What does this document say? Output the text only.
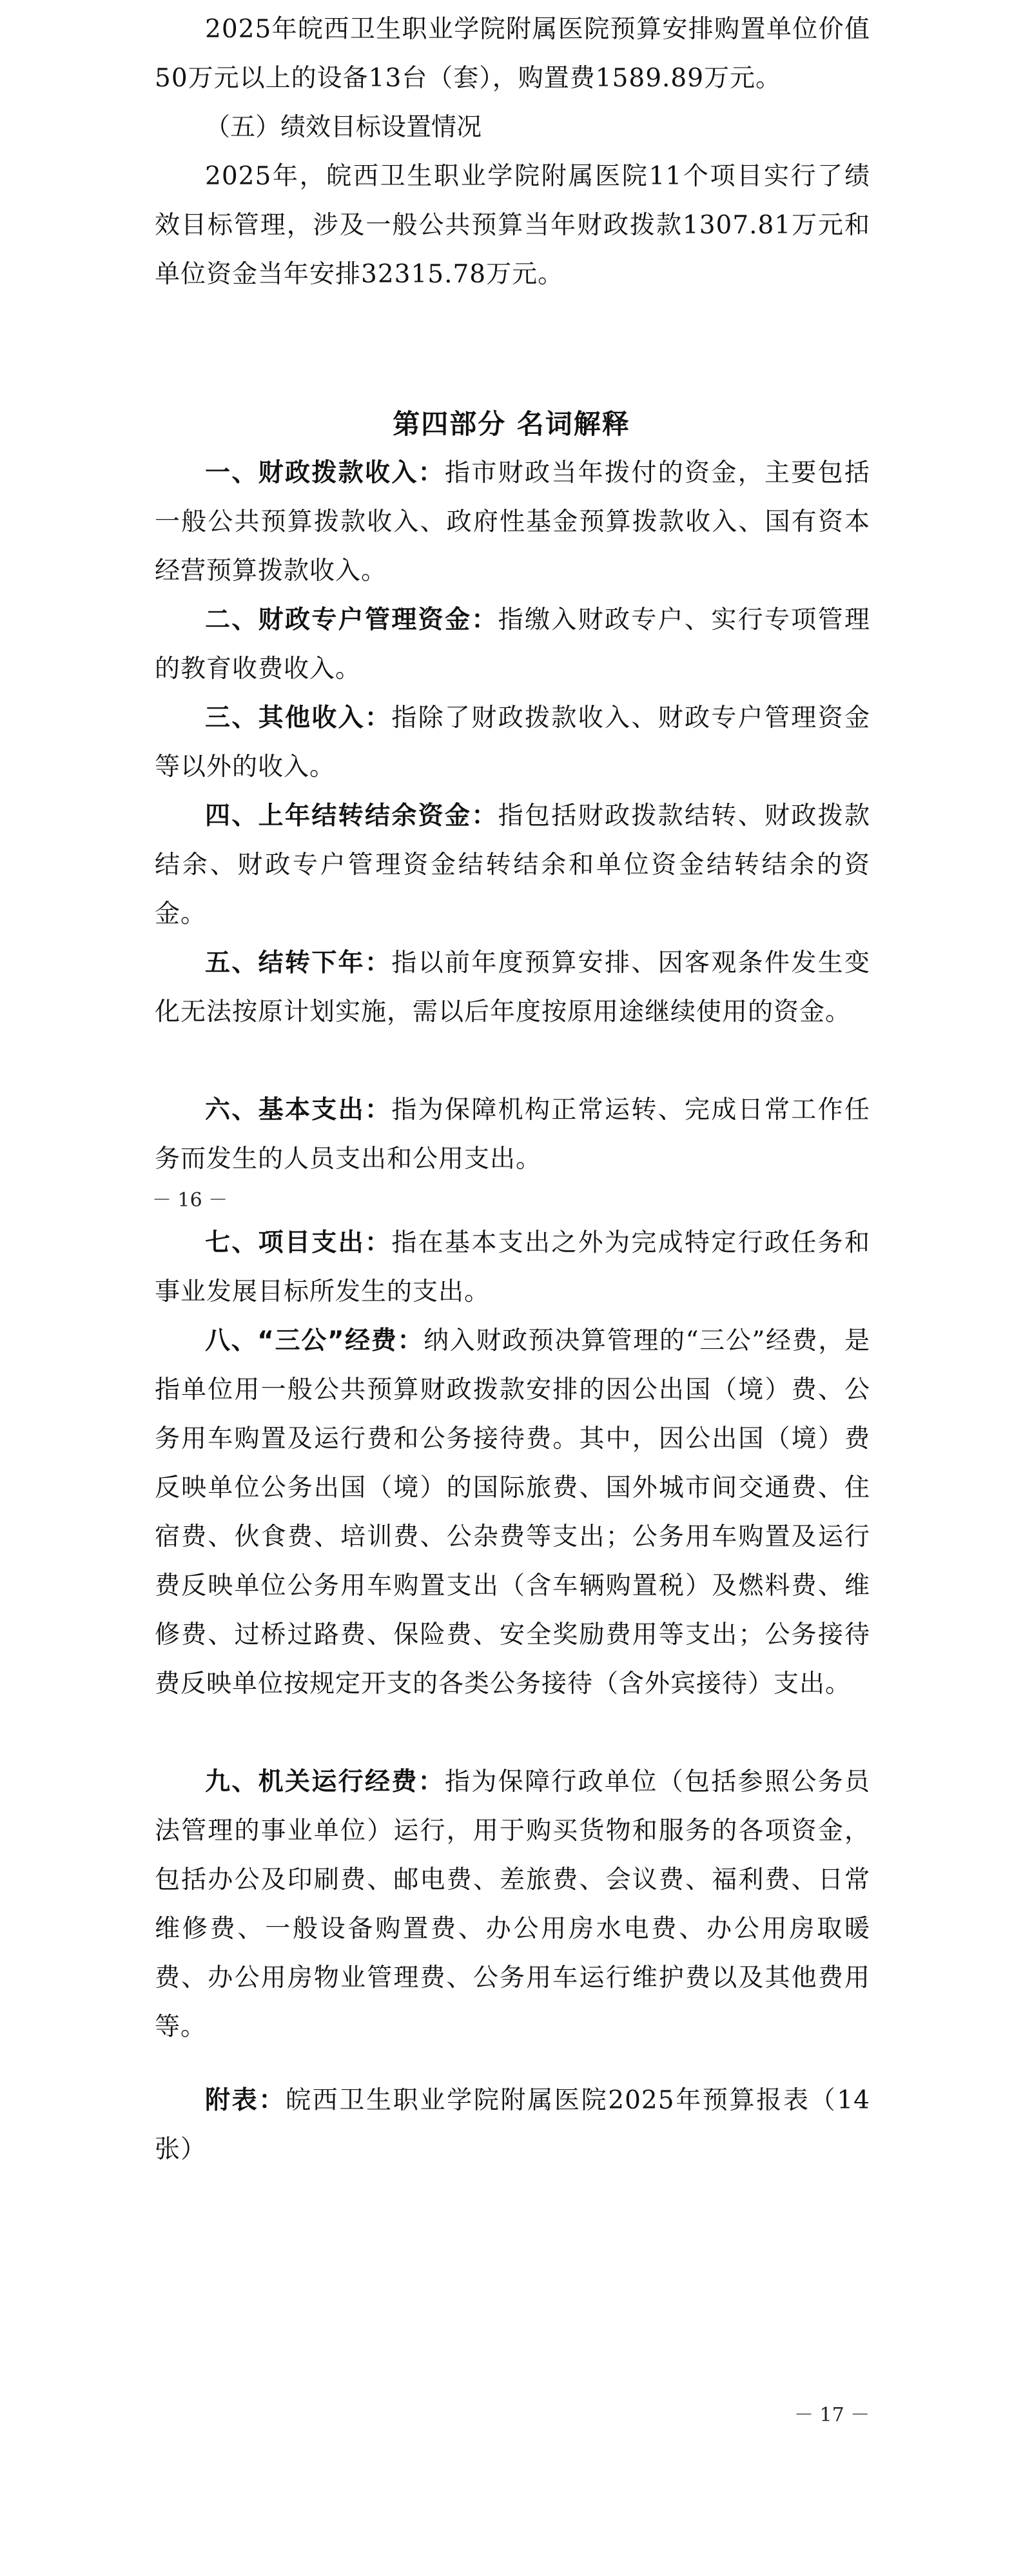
2025年皖西卫生职业学院附属医院预算安排购置单位价值50万元以上的设备13台（套），购置费1589.89万元。

（五）绩效目标设置情况

2025年，皖西卫生职业学院附属医院11个项目实行了绩效目标管理，涉及一般公共预算当年财政拨款1307.81万元和单位资金当年安排32315.78万元。

第四部分 名词解释

一、财政拨款收入：指市财政当年拨付的资金，主要包括一般公共预算拨款收入、政府性基金预算拨款收入、国有资本经营预算拨款收入。

二、财政专户管理资金：指缴入财政专户、实行专项管理的教育收费收入。

三、其他收入：指除了财政拨款收入、财政专户管理资金等以外的收入。

四、上年结转结余资金：指包括财政拨款结转、财政拨款结余、财政专户管理资金结转结余和单位资金结转结余的资金。

五、结转下年：指以前年度预算安排、因客观条件发生变化无法按原计划实施，需以后年度按原用途继续使用的资金。

六、基本支出：指为保障机构正常运转、完成日常工作任务而发生的人员支出和公用支出。

－ 16 －

七、项目支出：指在基本支出之外为完成特定行政任务和事业发展目标所发生的支出。

八、“三公”经费：纳入财政预决算管理的“三公”经费，是指单位用一般公共预算财政拨款安排的因公出国（境）费、公务用车购置及运行费和公务接待费。其中，因公出国（境）费反映单位公务出国（境）的国际旅费、国外城市间交通费、住宿费、伙食费、培训费、公杂费等支出；公务用车购置及运行费反映单位公务用车购置支出（含车辆购置税）及燃料费、维修费、过桥过路费、保险费、安全奖励费用等支出；公务接待费反映单位按规定开支的各类公务接待（含外宾接待）支出。

九、机关运行经费：指为保障行政单位（包括参照公务员法管理的事业单位）运行，用于购买货物和服务的各项资金，包括办公及印刷费、邮电费、差旅费、会议费、福利费、日常维修费、一般设备购置费、办公用房水电费、办公用房取暖费、办公用房物业管理费、公务用车运行维护费以及其他费用等。

附表：皖西卫生职业学院附属医院2025年预算报表（14张）

－ 17 －
